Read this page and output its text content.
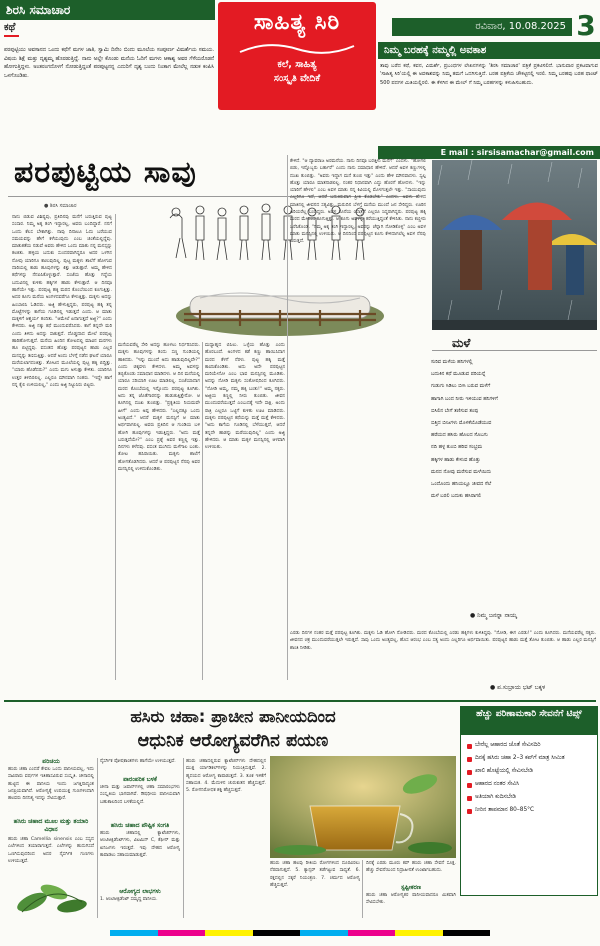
ಶಿರಸಿ ಸಮಾಚಾರ
ಕಥೆ	ಸಾಹಿತ್ಯ ಸಿರಿ
ಕಲೆ, ಸಾಹಿತ್ಯ
ಸಂಸ್ಕೃತಿ ವೇದಿಕೆ
ರವಿವಾರ, 10.08.2025 3
ಪರಪುಟ್ಟಿಯು ಅವಸಾನದ ಒಂದು ಕಥೆಗೆ ಮಗಳ ಜಾತಿ, ಸ್ವಾಮಿ ದಿನೇಂ ಬಿಂದು ಮೂಲೆಯ ಸಂಪೂರ್ಣ ವಿಮರ್ಶೆಯ ಸಮಯ. ವಿಷಯ ಶಿಕ್ಷೆ ಮತ್ತು ದೃಶ್ಯಮ್ಮ ಹೊರಡುತ್ತಿದ್ದೆ. ನಾನು ಅಲ್ಲೇ ಕೊಂಡು ಮನೆಯ ಓದಿಗೆ ಮಗಳು ಆಕಾಶ್ಯ ಅವರ ಗೆಳೆಯರೊಡನೆ ಹೋಗುತ್ತಿದ್ದಳು. ಅಂತರಂಗದೊಳಗೆ ನೋಡುತ್ತಿದ್ದಂತೆ ಪರಪುಟ್ಟನನ್ನ ಎದುರಿಗೆ ದೃಶ್ಯ ಬಂದು ನಿಂತಾಗ ಮೇಲೆಲ್ಲ ನಡುಕ ಕಂಪಿಸಿ ಒಳಗೊಂಡಿತು.
ನಿಮ್ಮ ಬರಹಕ್ಕೆ ನಮ್ಮಲ್ಲಿ ಅವಕಾಶ
ತಾವು ಬರೆದ ಕಥೆ, ಕವನ, ವಿಮರ್ಶೆ, ಪ್ರಬಂಧಗಳ ಲೇಖನಗಳನ್ನು 'ಶಿರಸಿ ಸಮಾಚಾರ' ಪತ್ರಿಕೆ ಪ್ರಕಟಿಸಲಿದೆ. ಭಾನುವಾರ ಪ್ರಕಟವಾಗುವ 'ಸಾಹಿತ್ಯ ಸಿರಿ'ಯಲ್ಲಿ ಈ ಅವಕಾಶವನ್ನು ನಿಮ್ಮ ತಮಗೆ ಒದಗಿಸುತ್ತಿದೆ. ಬರಹ ಪತ್ರಿಕೆಯ ಚೌಕಟ್ಟಿನಲ್ಲಿ ಇರಲಿ. ನಿಮ್ಮ ಬರಹವು ಬರಹ ಫಾಂಟ್ 500 ಪದಗಳ ಮಿತಿಯಲ್ಲಿರಲಿ. ಈ ಕೆಳಗಿನ ಈ ಮೇಲ್ ಗೆ ನಿಮ್ಮ ಬರಹಗಳನ್ನು ಕಳುಹಿಸಬಹುದು.
E mail : sirsisamachar@gmail.com
ಪರಪುಟ್ಟಿಯ ಸಾವು
● ಶಿರಸಿ ಸಮಾಚಾರ
ನಾನು ಬಿಡುವ ವಿಶಿಷ್ಟವು, ಪ್ರತಿದಿನವು ಮನೆಗೆ ಬರುತ್ತಿರುವ ಪುಟ್ಟ ಸಂಸಾರ. ನಿಮ್ಮ ಅಕ್ಕ ತಂಗಿ ಇದ್ದಾರಲ್ಲ, ಅವರು ಬಂದಿದ್ದಾರೆ. ನನಗೆ ಒಂದು ಕೆಲಸ ಬೇಕಾಗಿತ್ತು. ನಾವು ದಿನಾಲೂ ಓದು ಬರೆಯುವ ಸಮಯವನ್ನು ಹೇಗೆ ಕಳೆಯುವುದು ಎಂಬ ಚಿಂತೆಯಲ್ಲಿದ್ದೆವು. ಮಾತುಕತೆಯ ನಡುವೆ ಅವರು ಹೇಳಿದ ಒಂದು ಮಾತು ನನ್ನ ಮನಸ್ಸನ್ನು ಕಲಕಿತು. ಹಳ್ಳಿಯ ಬದುಕು ಸುಂದರವಾಗಿದ್ದರೂ ಅದರ ಒಳಗಿನ ನೋವು ಯಾರಿಗೂ ಕಾಣುವುದಿಲ್ಲ. ಪುಟ್ಟ ಮಕ್ಕಳು ಶಾಲೆಗೆ ಹೋಗುವ ದಾರಿಯಲ್ಲಿ ಕಾಡು ಹೂವುಗಳನ್ನು ಕಿತ್ತು ಆಡುತ್ತಾರೆ. ಅಮ್ಮ ಹೇಳಿದ ಕಥೆಗಳನ್ನು ನೆನಪಿಸಿಕೊಳ್ಳುತ್ತಾರೆ. ಸಂಜೆಯ ಹೊತ್ತು ಗದ್ದೆಯ ಬದುವಿನಲ್ಲಿ ಕುಳಿತು ಹಕ್ಕಿಗಳ ಹಾಡು ಕೇಳುತ್ತಾರೆ. ಆ ದಿನವೂ ಹಾಗೆಯೇ ಇತ್ತು. ಪರಪುಟ್ಟ ಹಕ್ಕಿ ಮರದ ಕೊಂಬೆಯಿಂದ ಕೂಗುತ್ತಿತ್ತು. ಅದರ ಕೂಗು ಮನೆಯ ಅಂಗಳದವರೆಗೂ ಕೇಳುತ್ತಿತ್ತು. ಮಕ್ಕಳು ಅದನ್ನು ಹಿಂಬಾಲಿಸಿ ಓಡಿದರು. ಅಜ್ಜಿ ಹೇಳುತ್ತಿದ್ದರು, ಪರಪುಟ್ಟ ಹಕ್ಕಿ ತನ್ನ ಮೊಟ್ಟೆಗಳನ್ನು ಕಾಗೆಯ ಗೂಡಿನಲ್ಲಿ ಇಡುತ್ತದೆ ಎಂದು. ಆ ಮಾತು ಮಕ್ಕಳಿಗೆ ಆಶ್ಚರ್ಯ ತಂದಿತು. "ಆಮೇಲೆ ಏನಾಗುತ್ತದೆ ಅಜ್ಜಿ?" ಎಂದು ಕೇಳಿದರು. ಅಜ್ಜಿ ನಕ್ಕು ಕಥೆ ಮುಂದುವರೆಸಿದರು. ಕಾಗೆ ತನ್ನದೇ ಮರಿ ಎಂದು ತಿಳಿದು ಅದನ್ನು ಸಾಕುತ್ತದೆ. ದೊಡ್ಡದಾದ ಮೇಲೆ ಪರಪುಟ್ಟ ಹಾರಿಹೋಗುತ್ತದೆ. ಮನೆಯ ಹಿಂದಿನ ತೋಟದಲ್ಲಿ ಮಾವಿನ ಮರಗಳು ಹೂ ಬಿಟ್ಟಿದ್ದವು. ವಸಂತದ ಹೊತ್ತು ಪರಪುಟ್ಟನ ಹಾಡು ಎಲ್ಲರ ಮನಸ್ಸನ್ನು ತಣಿಸುತ್ತಿತ್ತು. ಆದರೆ ಅಂದು ಬೆಳಗ್ಗೆ ನಡೆದ ಘಟನೆ ಯಾರೂ ಮರೆಯಲಾಗದಂತಿತ್ತು. ತೋಟದ ಮೂಲೆಯಲ್ಲಿ ಪುಟ್ಟ ಹಕ್ಕಿ ಬಿದ್ದಿತ್ತು. "ಯಾರು ಹೊಡೆದರು?" ಎಂದು ಮಗು ಅಳುತ್ತಾ ಕೇಳಿತು. ಯಾರಿಗೂ ಉತ್ತರ ತಿಳಿದಿರಲಿಲ್ಲ. ಎಲ್ಲರೂ ಮೌನವಾಗಿ ನಿಂತರು. "ಇದ್ದೇ ಹಾಗೆ ನನ್ನ ಕೈಲಿ ಉಳಿಯಲಿಲ್ಲ," ಎಂದು ಅಜ್ಜಿ ನಿಟ್ಟುಸಿರು ಬಿಟ್ಟರು.
ಮನೆಯವರೆಲ್ಲ ಸೇರಿ ಅದನ್ನು ಹೂಳಲು ನಿರ್ಧರಿಸಿದರು. ಮಕ್ಕಳು ಹೂವುಗಳನ್ನು ತಂದು ಸಣ್ಣ ಗುಂಡಿಯಲ್ಲಿ ಹಾಕಿದರು. "ಇನ್ನು ಮುಂದೆ ಅದು ಹಾಡುವುದಿಲ್ಲವೇ?" ಎಂದು ಚಿಕ್ಕವಳು ಕೇಳಿದಳು. ಅಮ್ಮ ಅವಳನ್ನು ತಬ್ಬಿಕೊಂಡು ಸಮಾಧಾನ ಮಾಡಿದಳು. ಆ ದಿನ ಮನೆಯಲ್ಲಿ ಯಾರೂ ಸರಿಯಾಗಿ ಊಟ ಮಾಡಲಿಲ್ಲ. ಸಂಜೆಯಾದಾಗ ಮರದ ಕೊಂಬೆಯಲ್ಲಿ ಇನ್ನೊಂದು ಪರಪುಟ್ಟ ಕೂಗಿತು. ಅದು ತನ್ನ ಜೊತೆಗಾರನನ್ನು ಹುಡುಕುತ್ತಿತ್ತೇನೋ. ಆ ಕೂಗಿನಲ್ಲಿ ದುಃಖ ತುಂಬಿತ್ತು. "ಪ್ರಕೃತಿಯ ನಿಯಮವೇ ಹೀಗೆ" ಎಂದು ಅಪ್ಪ ಹೇಳಿದರು. "ಎಲ್ಲದಕ್ಕೂ ಒಂದು ಅಂತ್ಯವಿದೆ." ಆದರೆ ಮಕ್ಕಳ ಮನಸ್ಸಿಗೆ ಆ ಮಾತು ಅರ್ಥವಾಗಲಿಲ್ಲ. ಅವರು ಪ್ರತಿದಿನ ಆ ಗುಂಡಿಯ ಬಳಿ ಹೋಗಿ ಹೂವುಗಳನ್ನು ಇಡುತ್ತಿದ್ದರು. "ಅದು ಮತ್ತೆ ಬರುತ್ತದೆಯೇ?" ಎಂಬ ಪ್ರಶ್ನೆ ಅವರ ಕಣ್ಣಲ್ಲಿ ಇತ್ತು. ದಿನಗಳು ಕಳೆದವು. ವಸಂತ ಮುಗಿದು ಮಳೆಗಾಲ ಬಂತು. ತೋಟ ಹಸಿರಾಯಿತು. ಮಕ್ಕಳು ಶಾಲೆಗೆ ಹೋಗತೊಡಗಿದರು. ಆದರೆ ಆ ಪರಪುಟ್ಟನ ನೆನಪು ಅವರ ಮನಸ್ಸಿನಲ್ಲಿ ಉಳಿದುಕೊಂಡಿತು.
ಮಧ್ಯಾಹ್ನದ ಬಿಸಿಲು. ಒಳ್ಳೆಯ ಹೊತ್ತು ಎಂದು ಹೊರಬಂದೆ. ಅಂಗಳದ ಕಡೆ ಕಣ್ಣು ಹಾಯಿಸಿದಾಗ ಮರದ ಕೆಳಗೆ ನೆರಳು. ಪುಟ್ಟ ಹಕ್ಕಿ ಮತ್ತೆ ಕಾಣಿಸಿಕೊಂಡಿತು. ಅದು ಅದೇ ಪರಪುಟ್ಟನ ಮರಿಯೇನೋ ಎಂಬ ಭಾವ ಮನಸ್ಸಿನಲ್ಲಿ ಮೂಡಿತು. ಅದನ್ನು ನೋಡಿ ಮಕ್ಕಳು ಸಂತೋಷದಿಂದ ಕೂಗಿದರು. "ನೋಡಿ ಅಮ್ಮ, ನಮ್ಮ ಹಕ್ಕಿ ಬಂತು!" ಅಮ್ಮ ನಕ್ಕರು. ಅಜ್ಜಿಯ ಕಣ್ಣಲ್ಲಿ ನೀರು ತುಂಬಿತು. ಜೀವನ ಮುಂದುವರೆಯುತ್ತದೆ ಎಂಬುದಕ್ಕೆ ಇದೇ ಸಾಕ್ಷಿ. ಅಂದು ರಾತ್ರಿ ಎಲ್ಲರೂ ಒಟ್ಟಿಗೆ ಕುಳಿತು ಊಟ ಮಾಡಿದರು. ಮಕ್ಕಳು ಪರಪುಟ್ಟನ ಕಥೆಯನ್ನು ಮತ್ತೆ ಮತ್ತೆ ಕೇಳಿದರು. "ಅದು ಕಾಗೆಯ ಗೂಡಿನಲ್ಲಿ ಬೆಳೆಯುತ್ತದೆ, ಆದರೆ ತನ್ನದೇ ಹಾಡನ್ನು ಮರೆಯುವುದಿಲ್ಲ" ಎಂದು ಅಜ್ಜಿ ಹೇಳಿದರು. ಆ ಮಾತು ಮಕ್ಕಳ ಮನಸ್ಸಿನಲ್ಲಿ ಆಳವಾಗಿ ಉಳಿಯಿತು.
ಕೇಳಿದೆ. "ಆ ದ್ಯಾವರಾಜ ಅರಮನೆಯ. ನಾನು ದಿನವೂ ಬರತ್ತೀನಿ ಮನೆಗೆ" ಎಂದಳು. "ಹೋಗಲಿ ಬಿಡು, ಇನ್ನೊಬ್ಬರು ಬರ್ತಾರೆ" ಎಂದು ನಾನು ಸಮಾಧಾನ ಹೇಳಿದೆ. ಆದರೆ ಅವಳ ಕಣ್ಣುಗಳಲ್ಲಿ ದುಃಖ ತುಂಬಿತ್ತು. "ಅವರು ಇದ್ದಾಗ ಮನೆ ತುಂಬಿ ಇತ್ತು" ಎಂದು ಹೇಳಿ ಮೌನವಾದಳು. ಸ್ವಲ್ಪ ಹೊತ್ತು ಯಾರೂ ಮಾತನಾಡಲಿಲ್ಲ. ನಂತರ ನಿಧಾನವಾಗಿ ಎದ್ದು ಹೊರಗೆ ಹೋದಳು. "ಇನ್ನು ಯಾರಿಗೆ ಹೇಳಲಿ" ಎಂಬ ಅವಳ ಮಾತು ನನ್ನ ಕಿವಿಯಲ್ಲಿ ಮೊಳಗುತ್ತಲೇ ಇತ್ತು. "ಸಾಯುವುದು ಎಲ್ಲರಿಗೂ ಇದೆ, ಆದರೆ ಬದುಕಿರುವಾಗ ಪ್ರೀತಿ ಕೊಡಬೇಕು" ಎಂದಳು. ಅವಳು ಹೇಳಿದ ಮಾತಿನಲ್ಲಿ ಜೀವನದ ಸತ್ಯವಿತ್ತು. ಮರುದಿನ ಬೆಳಗ್ಗೆ ಮನೆಯ ಮುಂದೆ ಜನ ಸೇರಿದ್ದರು. ಊರಿನ ಹಿರಿಯರೆಲ್ಲ ಬಂದಿದ್ದರು. ಅವಳ ಕೊನೆಯ ಯಾತ್ರೆಗೆ ಎಲ್ಲರೂ ಸಿದ್ಧರಾಗಿದ್ದರು. ಪರಪುಟ್ಟ ಹಕ್ಕಿ ಮರದ ಮೇಲಿಂದ ಕೂಗುತ್ತಿತ್ತು. ಆ ಕೂಗು ಅವಳನ್ನು ಕರೆಯುತ್ತಿದ್ದಂತೆ ಕೇಳಿಸಿತು. ನಾನು ಕಣ್ಣೀರು ಒರೆಸಿಕೊಂಡೆ. "ನಿಮ್ಮ ಅಕ್ಕ ತಂಗಿ ಇದ್ದಾರಲ್ಲ, ಅವರನ್ನು ಚೆನ್ನಾಗಿ ನೋಡಿಕೊಳ್ಳಿ" ಎಂಬ ಅವಳ ಮಾತು ಮನಸ್ಸಿನಲ್ಲಿ ಉಳಿಯಿತು. ಆ ದಿನದಿಂದ ಪರಪುಟ್ಟನ ಕೂಗು ಕೇಳಿದಾಗಲೆಲ್ಲ ಅವಳ ನೆನಪು ಬರುತ್ತದೆ.
ಎರಡು ದಿನಗಳ ನಂತರ ಮತ್ತೆ ಪರಪುಟ್ಟ ಕೂಗಿತು. ಮಕ್ಕಳು ಓಡಿ ಹೋಗಿ ನೋಡಿದರು. ಮರದ ಕೊಂಬೆಯಲ್ಲಿ ಎರಡು ಹಕ್ಕಿಗಳು ಕುಳಿತಿದ್ದವು. "ನೋಡಿ, ಈಗ ಎರಡು!" ಎಂದು ಕೂಗಿದರು. ಮನೆಯವರೆಲ್ಲ ನಕ್ಕರು. ಜೀವನದ ಚಕ್ರ ಮುಂದುವರೆಯುತ್ತಲೇ ಇರುತ್ತದೆ. ಸಾವು ಒಂದು ಅಂತ್ಯವಲ್ಲ, ಹೊಸ ಆರಂಭ ಎಂಬ ಸತ್ಯ ಅಂದು ಎಲ್ಲರಿಗೂ ಅರ್ಥವಾಯಿತು. ಪರಪುಟ್ಟನ ಹಾಡು ಮತ್ತೆ ತೋಟ ತುಂಬಿತು. ಆ ಹಾಡು ಎಲ್ಲರ ಮನಸ್ಸಿಗೆ ಶಾಂತಿ ನೀಡಿತು.
● ಪ.ಸುಬ್ರಾಯ ಭಟ್ ಬಕ್ಕಳ
ಮಳೆ

ಸುರಿವ ಮಳೆಯ ಹನಿಗಳಲ್ಲಿ

ಬದುಕಿನ ಕಥೆ ಮೂಡುವ ಪರಿಯನ್ನೆ

ಗುಡುಗು ಸಿಡಿಲು ಬೀಸಿ ಬರುವ ಮಳೆಗೆ

ಹಾಗಾಗಿ ಬಂದ ನೀರು ಇಳಿಯುವ ಹನಿಗಳಿಗೆ

ಬಿಸಿಲಿನ ಬೇಗೆ ತಣಿಸುವ ತಂಪು

ಬಿತ್ತಿದ ಬೀಜಗಳು ಮೊಳಕೆಯೊಡೆಯುವ

ಹರೆಯದ ಹಸಿರು ಹೊಲದ ಸೊಬಗು

ನದಿ ಹಳ್ಳ ತುಂಬಿ ಹರಿವ ಸಂಭ್ರಮ

ಹಕ್ಕಿಗಳ ಹಾಡು ಕೇಳುವ ಹೊತ್ತು

ಮನದ ನೋವು ಮರೆಸುವ ಮಳೆಯಿದು

ಒಂದೊಂದು ಹನಿಯಲ್ಲೂ ಜೀವದ ಸೆಲೆ

ಮಳೆ ಬರಲಿ ಬದುಕು ಹಸಿರಾಗಲಿ

● ನಿಮ್ಮ ಜನನ್ನಾ ನಾಯ್ಕ
ಹಸಿರು ಚಹಾ: ಪ್ರಾಚೀನ ಪಾನೀಯದಿಂದ
ಆಧುನಿಕ ಆರೋಗ್ಯವರೆಗಿನ ಪಯಣ
ಪರಿಚಯ
ಹಸಿರು ಚಹಾ ಎಂದರೆ ಕೇವಲ ಒಂದು ಪಾನೀಯವಲ್ಲ, ಇದು ಸಾವಿರಾರು ವರ್ಷಗಳ ಇತಿಹಾಸವಿರುವ ಸಂಸ್ಕೃತಿ. ಚೀನಾದಲ್ಲಿ ಹುಟ್ಟಿದ ಈ ಪಾನೀಯ ಇಂದು ಜಗತ್ತಿನಾದ್ಯಂತ ಜನಪ್ರಿಯವಾಗಿದೆ. ಆರೋಗ್ಯಕ್ಕೆ ಉಪಯುಕ್ತ ಗುಣಗಳಿಂದಾಗಿ ಹಲವರು ದಿನನಿತ್ಯ ಇದನ್ನು ಸೇವಿಸುತ್ತಾರೆ.
ಹಸಿರು ಚಹಾದ ಮೂಲ ಮತ್ತು ತಯಾರಿ ವಿಧಾನ
ಹಸಿರು ಚಹಾ Camellia sinensis ಎಂಬ ಸಸ್ಯದ ಎಲೆಗಳಿಂದ ತಯಾರಾಗುತ್ತದೆ. ಎಲೆಗಳನ್ನು ಹುದುಗಿಸದೆ ಒಣಗಿಸುವುದರಿಂದ ಅದರ ನೈಸರ್ಗಿಕ ಗುಣಗಳು ಉಳಿಯುತ್ತವೆ.
ನೈಸರ್ಗಿಕ ಪೋಷಕಾಂಶಗಳು ಹಾಗೆಯೇ ಉಳಿಯುತ್ತವೆ.
ಪಾರಂಪರಿಕ ಬಳಕೆ
ಚೀನಾ ಮತ್ತು ಜಪಾನ್‌ಗಳಲ್ಲಿ ಚಹಾ ಸಮಾರಂಭಗಳು ಸಂಸ್ಕೃತಿಯ ಭಾಗವಾಗಿವೆ. ಔಷಧೀಯ ಪಾನೀಯವಾಗಿ ಬಹುಕಾಲದಿಂದ ಬಳಕೆಯಲ್ಲಿದೆ.
ಹಸಿರು ಚಹಾದ ಪೌಷ್ಟಿಕ ಸಂಗತಿ
ಹಸಿರು ಚಹಾದಲ್ಲಿ ಕ್ಯಾಟೆಚಿನ್‌ಗಳು, ಆಂಟಿಆಕ್ಸಿಡೆಂಟ್‌ಗಳು, ವಿಟಮಿನ್ C, ಕೆಫೀನ್ ಮತ್ತು ಖನಿಜಗಳು ಇರುತ್ತವೆ. ಇವು ದೇಹದ ಆರೋಗ್ಯ ಕಾಪಾಡಲು ಸಹಾಯಮಾಡುತ್ತವೆ.
ಆರೋಗ್ಯದ ಲಾಭಗಳು
1. ಆಂಟಿಆಕ್ಸಿಡೆಂಟ್ ಸಮೃದ್ಧ ಪಾನೀಯ.
ಹಸಿರು ಚಹಾದಲ್ಲಿರುವ ಕ್ಯಾಟೆಚಿನ್‌ಗಳು ದೇಹದಲ್ಲಿನ ಮುಕ್ತ ರ್ಯಾಡಿಕಲ್‌ಗಳನ್ನು ನಿಯಂತ್ರಿಸುತ್ತವೆ. 2. ಹೃದಯದ ಆರೋಗ್ಯ ಕಾಪಾಡುತ್ತದೆ. 3. ತೂಕ ಇಳಿಕೆಗೆ ಸಹಾಯಕ. 4. ಮೆದುಳಿನ ಚುರುಕುತನ ಹೆಚ್ಚಿಸುತ್ತದೆ. 5. ರೋಗನಿರೋಧಕ ಶಕ್ತಿ ಹೆಚ್ಚಿಸುತ್ತದೆ.
ಹಸಿರು ಚಹಾ ಹಲವು ರೀತಿಯ ರೋಗಗಳಿಂದ ದೂರವಿರಲು ನೆರವಾಗುತ್ತದೆ. 5. ಕ್ಯಾನ್ಸರ್ ತಡೆಗಟ್ಟುವ ಸಾಧ್ಯತೆ. 6. ರಕ್ತದಲ್ಲಿನ ಸಕ್ಕರೆ ನಿಯಂತ್ರಣ. 7. ಚರ್ಮದ ಆರೋಗ್ಯ ಹೆಚ್ಚಿಸುತ್ತದೆ.
ದಿನಕ್ಕೆ ಎರಡು ಮೂರು ಕಪ್ ಹಸಿರು ಚಹಾ ಸೇವನೆ ಸೂಕ್ತ. ಹೆಚ್ಚು ಸೇವನೆಯಿಂದ ನಿದ್ರಾಹೀನತೆ ಉಂಟಾಗಬಹುದು.
ಸ್ಪಷ್ಟೀಕರಣ
ಹಸಿರು ಚಹಾ ಆರೋಗ್ಯಕರ ಪಾನೀಯವಾದರೂ ಮಿತವಾಗಿ ಸೇವಿಸಬೇಕು.
ಹೆಚ್ಚು ಪರಿಣಾಮಕಾರಿ ಸೇವನೆಗೆ ಟಿಪ್ಸ್
ಬೇರೆಲ್ಲ ಆಹಾರದ ಜೊತೆ ಸೇವಿಸದಿರಿ
ದಿನಕ್ಕೆ ಹಸಿರು ಚಹಾ 2–3 ಕಪ್‌ಗೆ ಮಾತ್ರ ಸೀಮಿತ
ಖಾಲಿ ಹೊಟ್ಟೆಯಲ್ಲಿ ಸೇವಿಸಬೇಡಿ
ಆಹಾರದ ನಂತರ ಸೇವಿಸಿ
ಅತಿಯಾಗಿ ಕುದಿಸಬೇಡಿ
ನೀರಿನ ತಾಪಮಾನ 80–85°C
